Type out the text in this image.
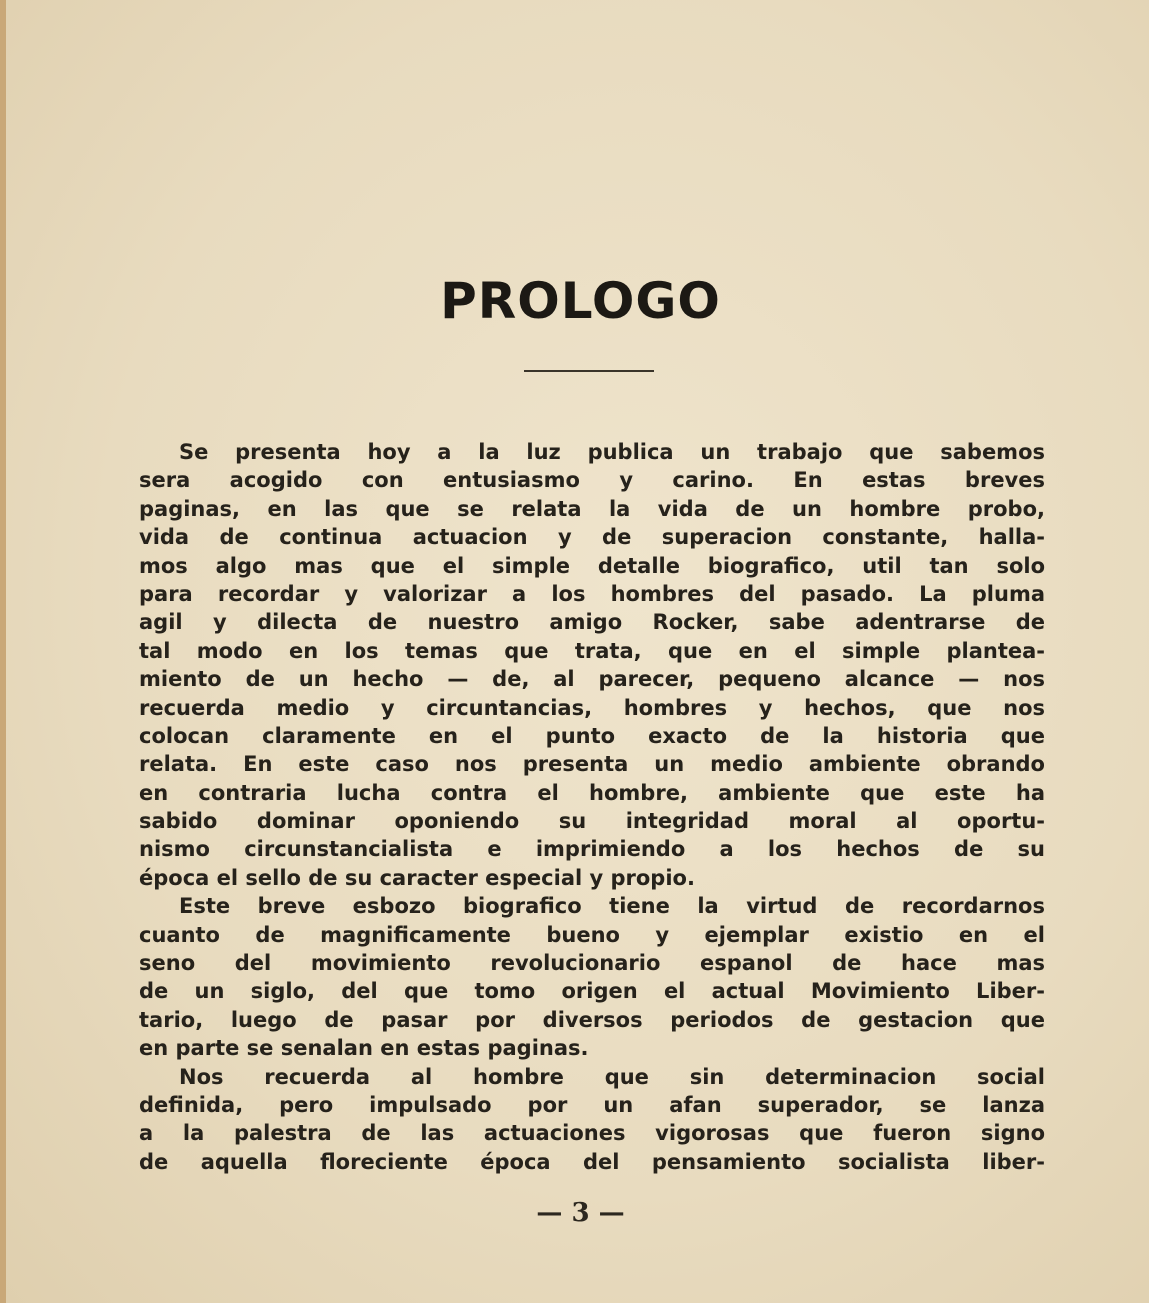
PROLOGO
Se presenta hoy a la luz publica un trabajo que sabemos
sera acogido con entusiasmo y carino. En estas breves
paginas, en las que se relata la vida de un hombre probo,
vida de continua actuacion y de superacion constante, halla-
mos algo mas que el simple detalle biografico, util tan solo
para recordar y valorizar a los hombres del pasado. La pluma
agil y dilecta de nuestro amigo Rocker, sabe adentrarse de
tal modo en los temas que trata, que en el simple plantea-
miento de un hecho — de, al parecer, pequeno alcance — nos
recuerda medio y circuntancias, hombres y hechos, que nos
colocan claramente en el punto exacto de la historia que
relata. En este caso nos presenta un medio ambiente obrando
en contraria lucha contra el hombre, ambiente que este ha
sabido dominar oponiendo su integridad moral al oportu-
nismo circunstancialista e imprimiendo a los hechos de su
época el sello de su caracter especial y propio.
Este breve esbozo biografico tiene la virtud de recordarnos
cuanto de magnificamente bueno y ejemplar existio en el
seno del movimiento revolucionario espanol de hace mas
de un siglo, del que tomo origen el actual Movimiento Liber-
tario, luego de pasar por diversos periodos de gestacion que
en parte se senalan en estas paginas.
Nos recuerda al hombre que sin determinacion social
definida, pero impulsado por un afan superador, se lanza
a la palestra de las actuaciones vigorosas que fueron signo
de aquella floreciente época del pensamiento socialista liber-
— 3 —
